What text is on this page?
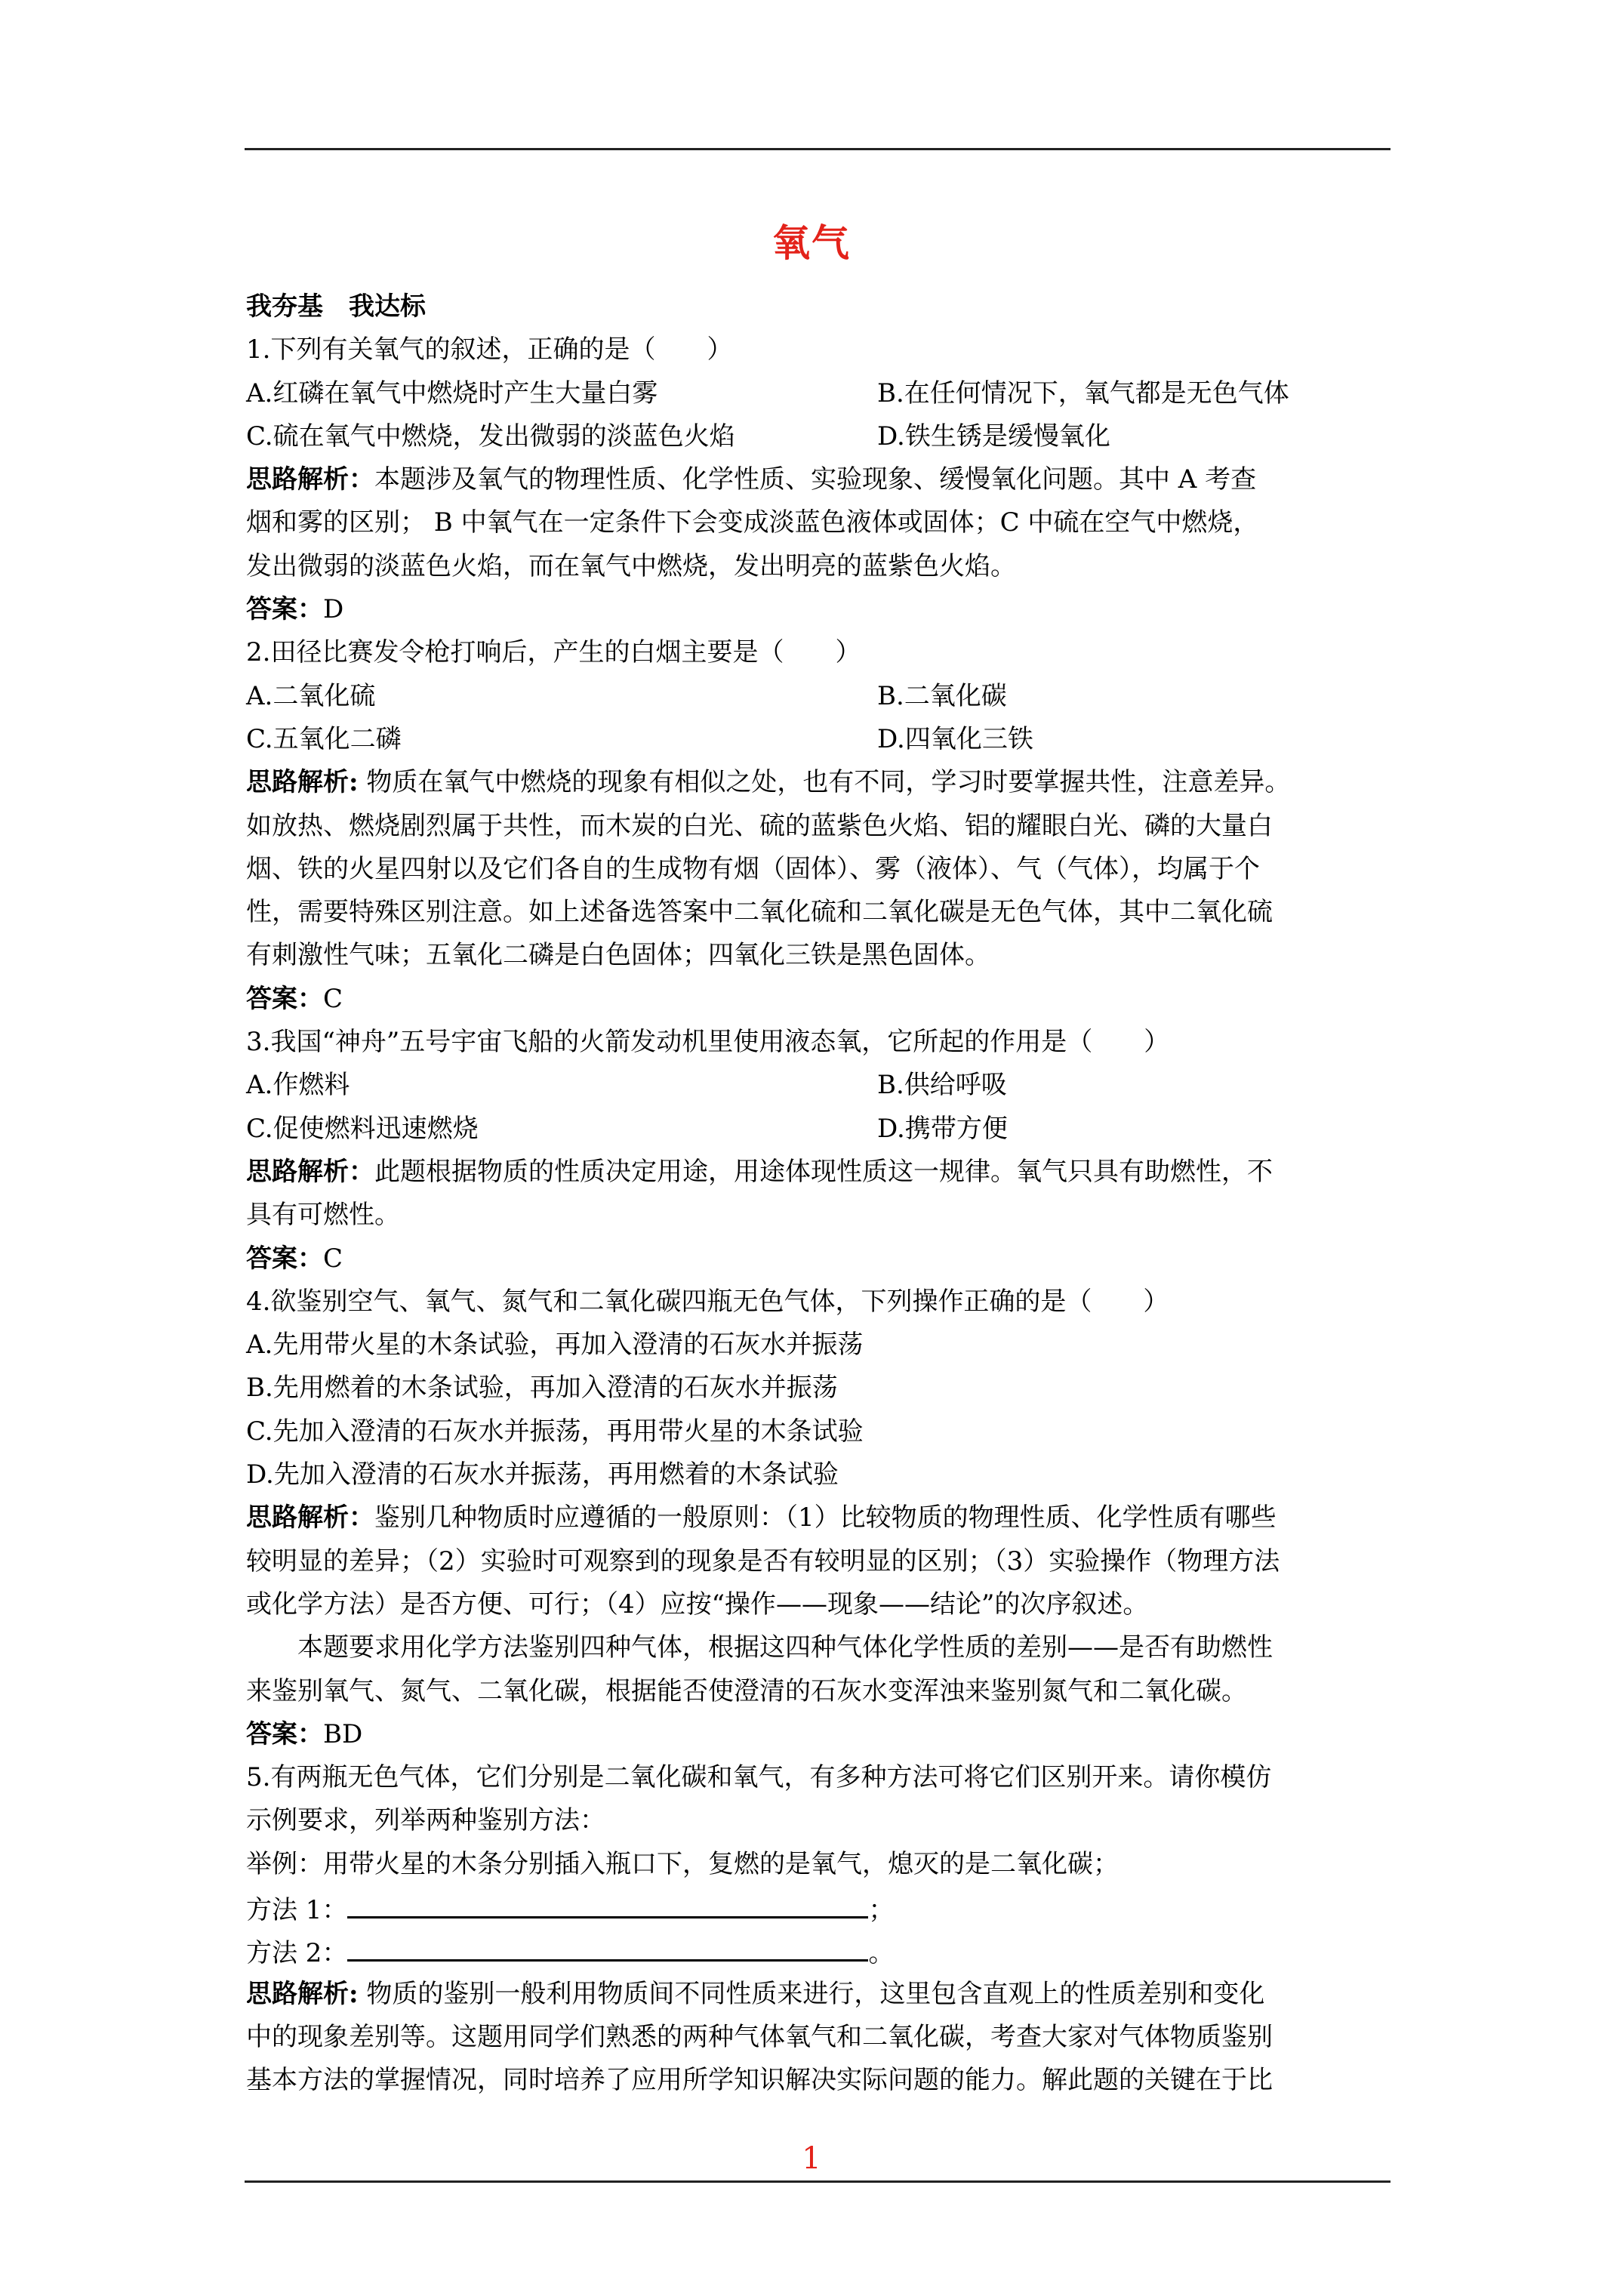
氧气
我夯基　我达标
1.下列有关氧气的叙述，正确的是（　　）
A.红磷在氧气中燃烧时产生大量白雾	B.在任何情况下，氧气都是无色气体
C.硫在氧气中燃烧，发出微弱的淡蓝色火焰	D.铁生锈是缓慢氧化
思路解析：本题涉及氧气的物理性质、化学性质、实验现象、缓慢氧化问题。其中 A 考查
烟和雾的区别； B 中氧气在一定条件下会变成淡蓝色液体或固体；C 中硫在空气中燃烧，
发出微弱的淡蓝色火焰，而在氧气中燃烧，发出明亮的蓝紫色火焰。
答案：D
2.田径比赛发令枪打响后，产生的白烟主要是（　　）
A.二氧化硫	B.二氧化碳
C.五氧化二磷	D.四氧化三铁
思路解析: 物质在氧气中燃烧的现象有相似之处，也有不同，学习时要掌握共性，注意差异。
如放热、燃烧剧烈属于共性，而木炭的白光、硫的蓝紫色火焰、铝的耀眼白光、磷的大量白
烟、铁的火星四射以及它们各自的生成物有烟（固体）、雾（液体）、气（气体），均属于个
性，需要特殊区别注意。如上述备选答案中二氧化硫和二氧化碳是无色气体，其中二氧化硫
有刺激性气味；五氧化二磷是白色固体；四氧化三铁是黑色固体。
答案：C
3.我国“神舟”五号宇宙飞船的火箭发动机里使用液态氧，它所起的作用是（　　）
A.作燃料	B.供给呼吸
C.促使燃料迅速燃烧	D.携带方便
思路解析：此题根据物质的性质决定用途，用途体现性质这一规律。氧气只具有助燃性，不
具有可燃性。
答案：C
4.欲鉴别空气、氧气、氮气和二氧化碳四瓶无色气体，下列操作正确的是（　　）
A.先用带火星的木条试验，再加入澄清的石灰水并振荡
B.先用燃着的木条试验，再加入澄清的石灰水并振荡
C.先加入澄清的石灰水并振荡，再用带火星的木条试验
D.先加入澄清的石灰水并振荡，再用燃着的木条试验
思路解析：鉴别几种物质时应遵循的一般原则：（1）比较物质的物理性质、化学性质有哪些
较明显的差异；（2）实验时可观察到的现象是否有较明显的区别；（3）实验操作（物理方法
或化学方法）是否方便、可行；（4）应按“操作——现象——结论”的次序叙述。
本题要求用化学方法鉴别四种气体，根据这四种气体化学性质的差别——是否有助燃性
来鉴别氧气、氮气、二氧化碳，根据能否使澄清的石灰水变浑浊来鉴别氮气和二氧化碳。
答案：BD
5.有两瓶无色气体，它们分别是二氧化碳和氧气，有多种方法可将它们区别开来。请你模仿
示例要求，列举两种鉴别方法：
举例：用带火星的木条分别插入瓶口下，复燃的是氧气，熄灭的是二氧化碳；
方法 1：	；
方法 2：	。
思路解析: 物质的鉴别一般利用物质间不同性质来进行，这里包含直观上的性质差别和变化
中的现象差别等。这题用同学们熟悉的两种气体氧气和二氧化碳，考查大家对气体物质鉴别
基本方法的掌握情况，同时培养了应用所学知识解决实际问题的能力。解此题的关键在于比
1
